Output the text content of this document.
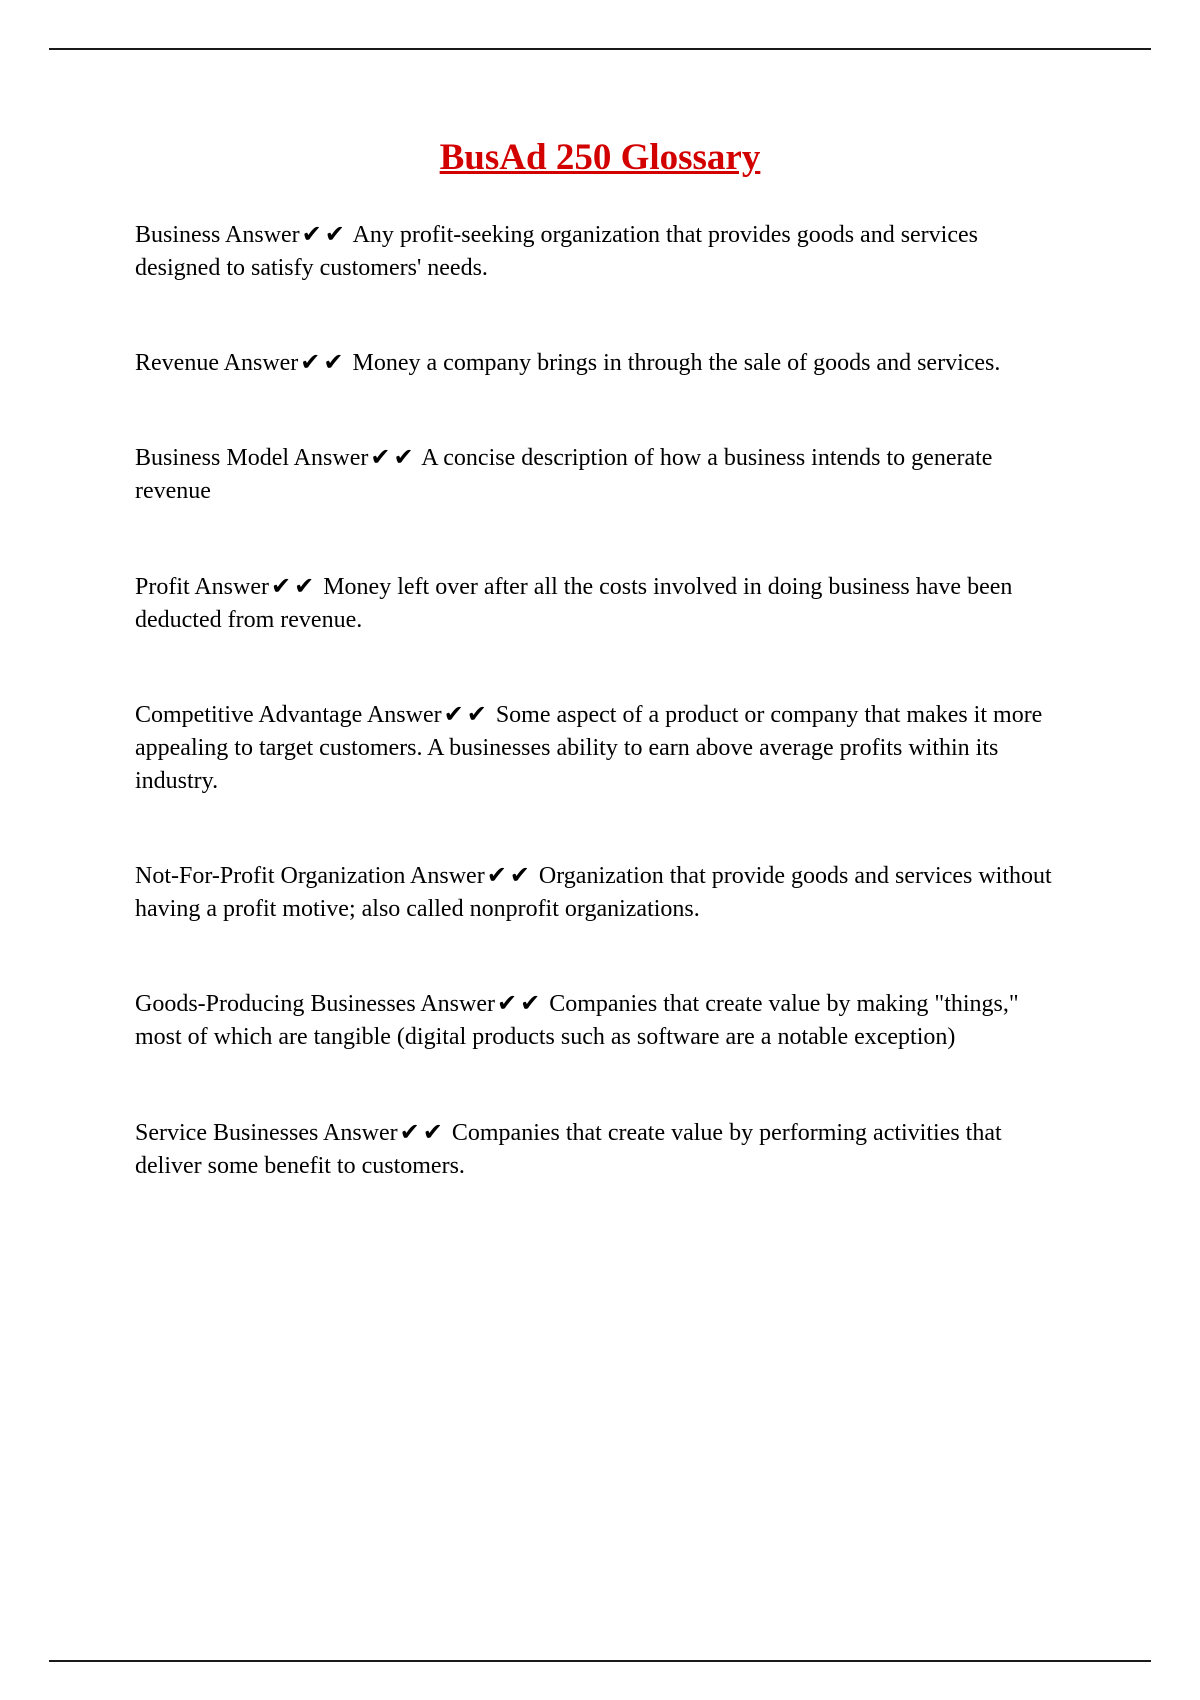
BusAd 250 Glossary

Business Answer✔✔ Any profit-seeking organization that provides goods and services designed to satisfy customers' needs.

Revenue Answer✔✔ Money a company brings in through the sale of goods and services.

Business Model Answer✔✔ A concise description of how a business intends to generate revenue

Profit Answer✔✔ Money left over after all the costs involved in doing business have been deducted from revenue.

Competitive Advantage Answer✔✔ Some aspect of a product or company that makes it more appealing to target customers. A businesses ability to earn above average profits within its industry.

Not-For-Profit Organization Answer✔✔ Organization that provide goods and services without having a profit motive; also called nonprofit organizations.

Goods-Producing Businesses Answer✔✔ Companies that create value by making "things," most of which are tangible (digital products such as software are a notable exception)

Service Businesses Answer✔✔ Companies that create value by performing activities that deliver some benefit to customers.
